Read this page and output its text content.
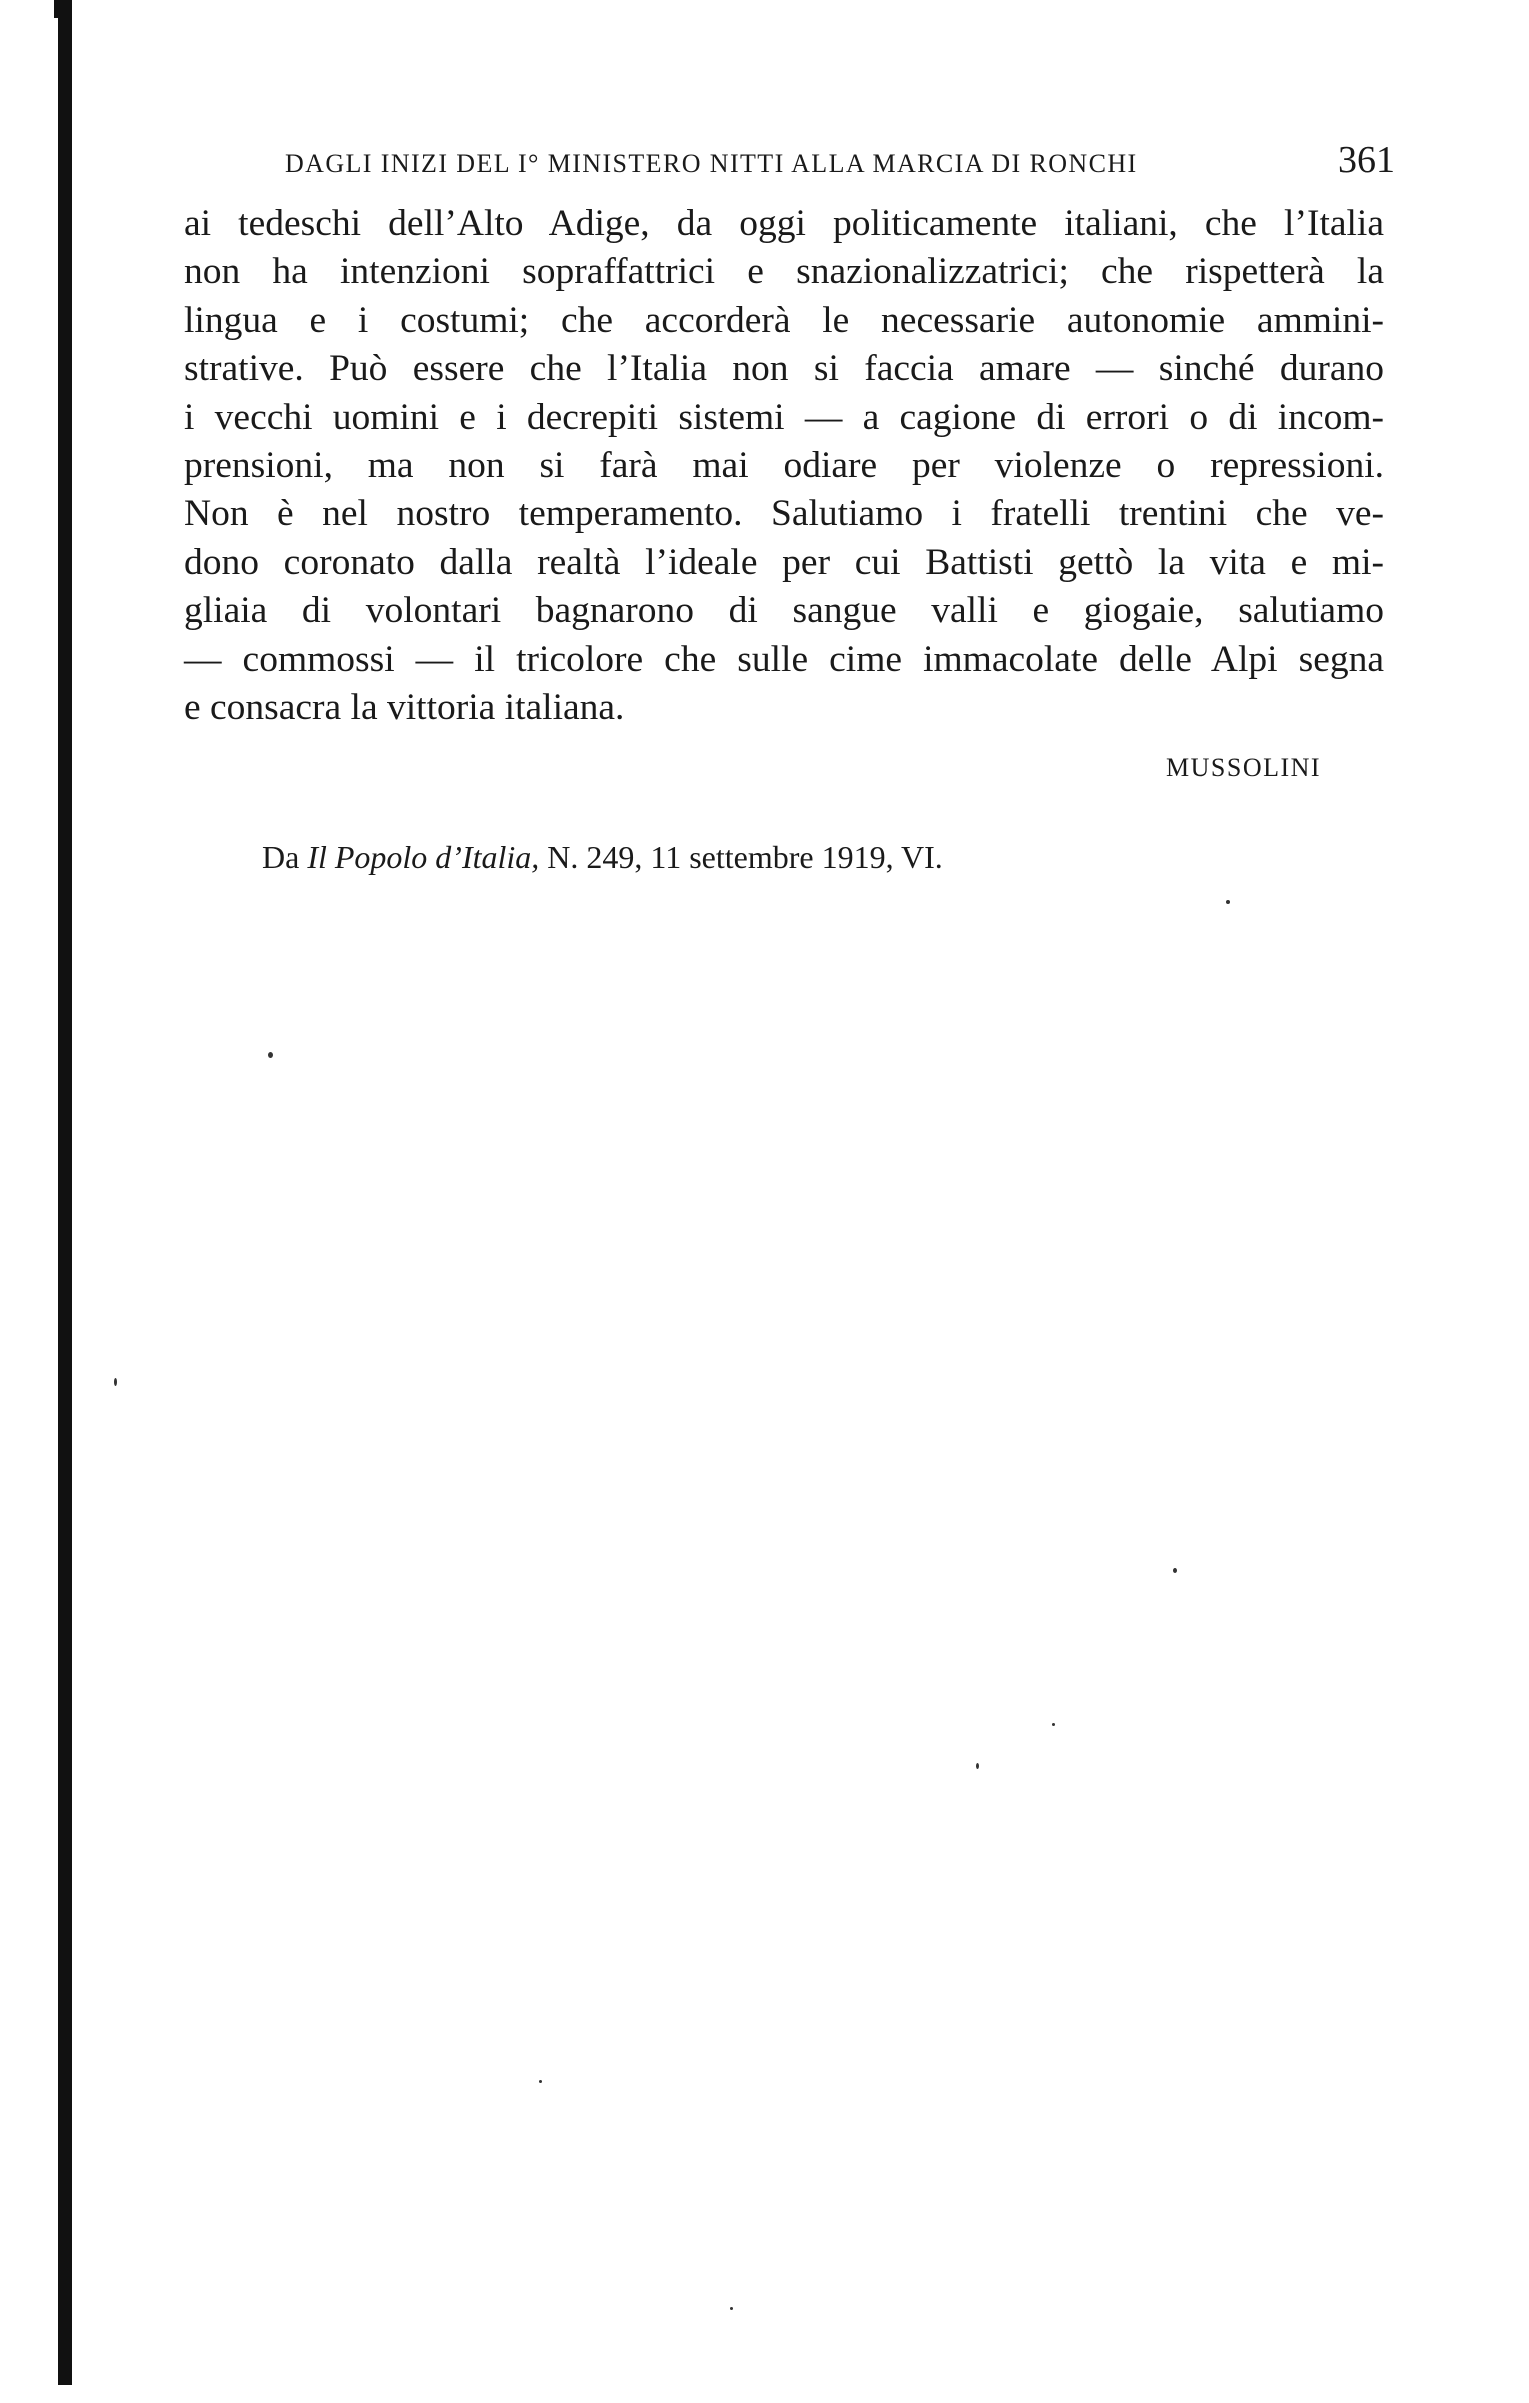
DAGLI INIZI DEL I° MINISTERO NITTI ALLA MARCIA DI RONCHI	361
ai tedeschi dell’Alto Adige, da oggi politicamente italiani, che l’Italia
non ha intenzioni sopraffattrici e snazionalizzatrici; che rispetterà la
lingua e i costumi; che accorderà le necessarie autonomie ammini-
strative. Può essere che l’Italia non si faccia amare — sinché durano
i vecchi uomini e i decrepiti sistemi — a cagione di errori o di incom-
prensioni, ma non si farà mai odiare per violenze o repressioni.
Non è nel nostro temperamento. Salutiamo i fratelli trentini che ve-
dono coronato dalla realtà l’ideale per cui Battisti gettò la vita e mi-
gliaia di volontari bagnarono di sangue valli e giogaie, salutiamo
— commossi — il tricolore che sulle cime immacolate delle Alpi segna
e consacra la vittoria italiana.
MUSSOLINI
Da Il Popolo d’Italia, N. 249, 11 settembre 1919, VI.
